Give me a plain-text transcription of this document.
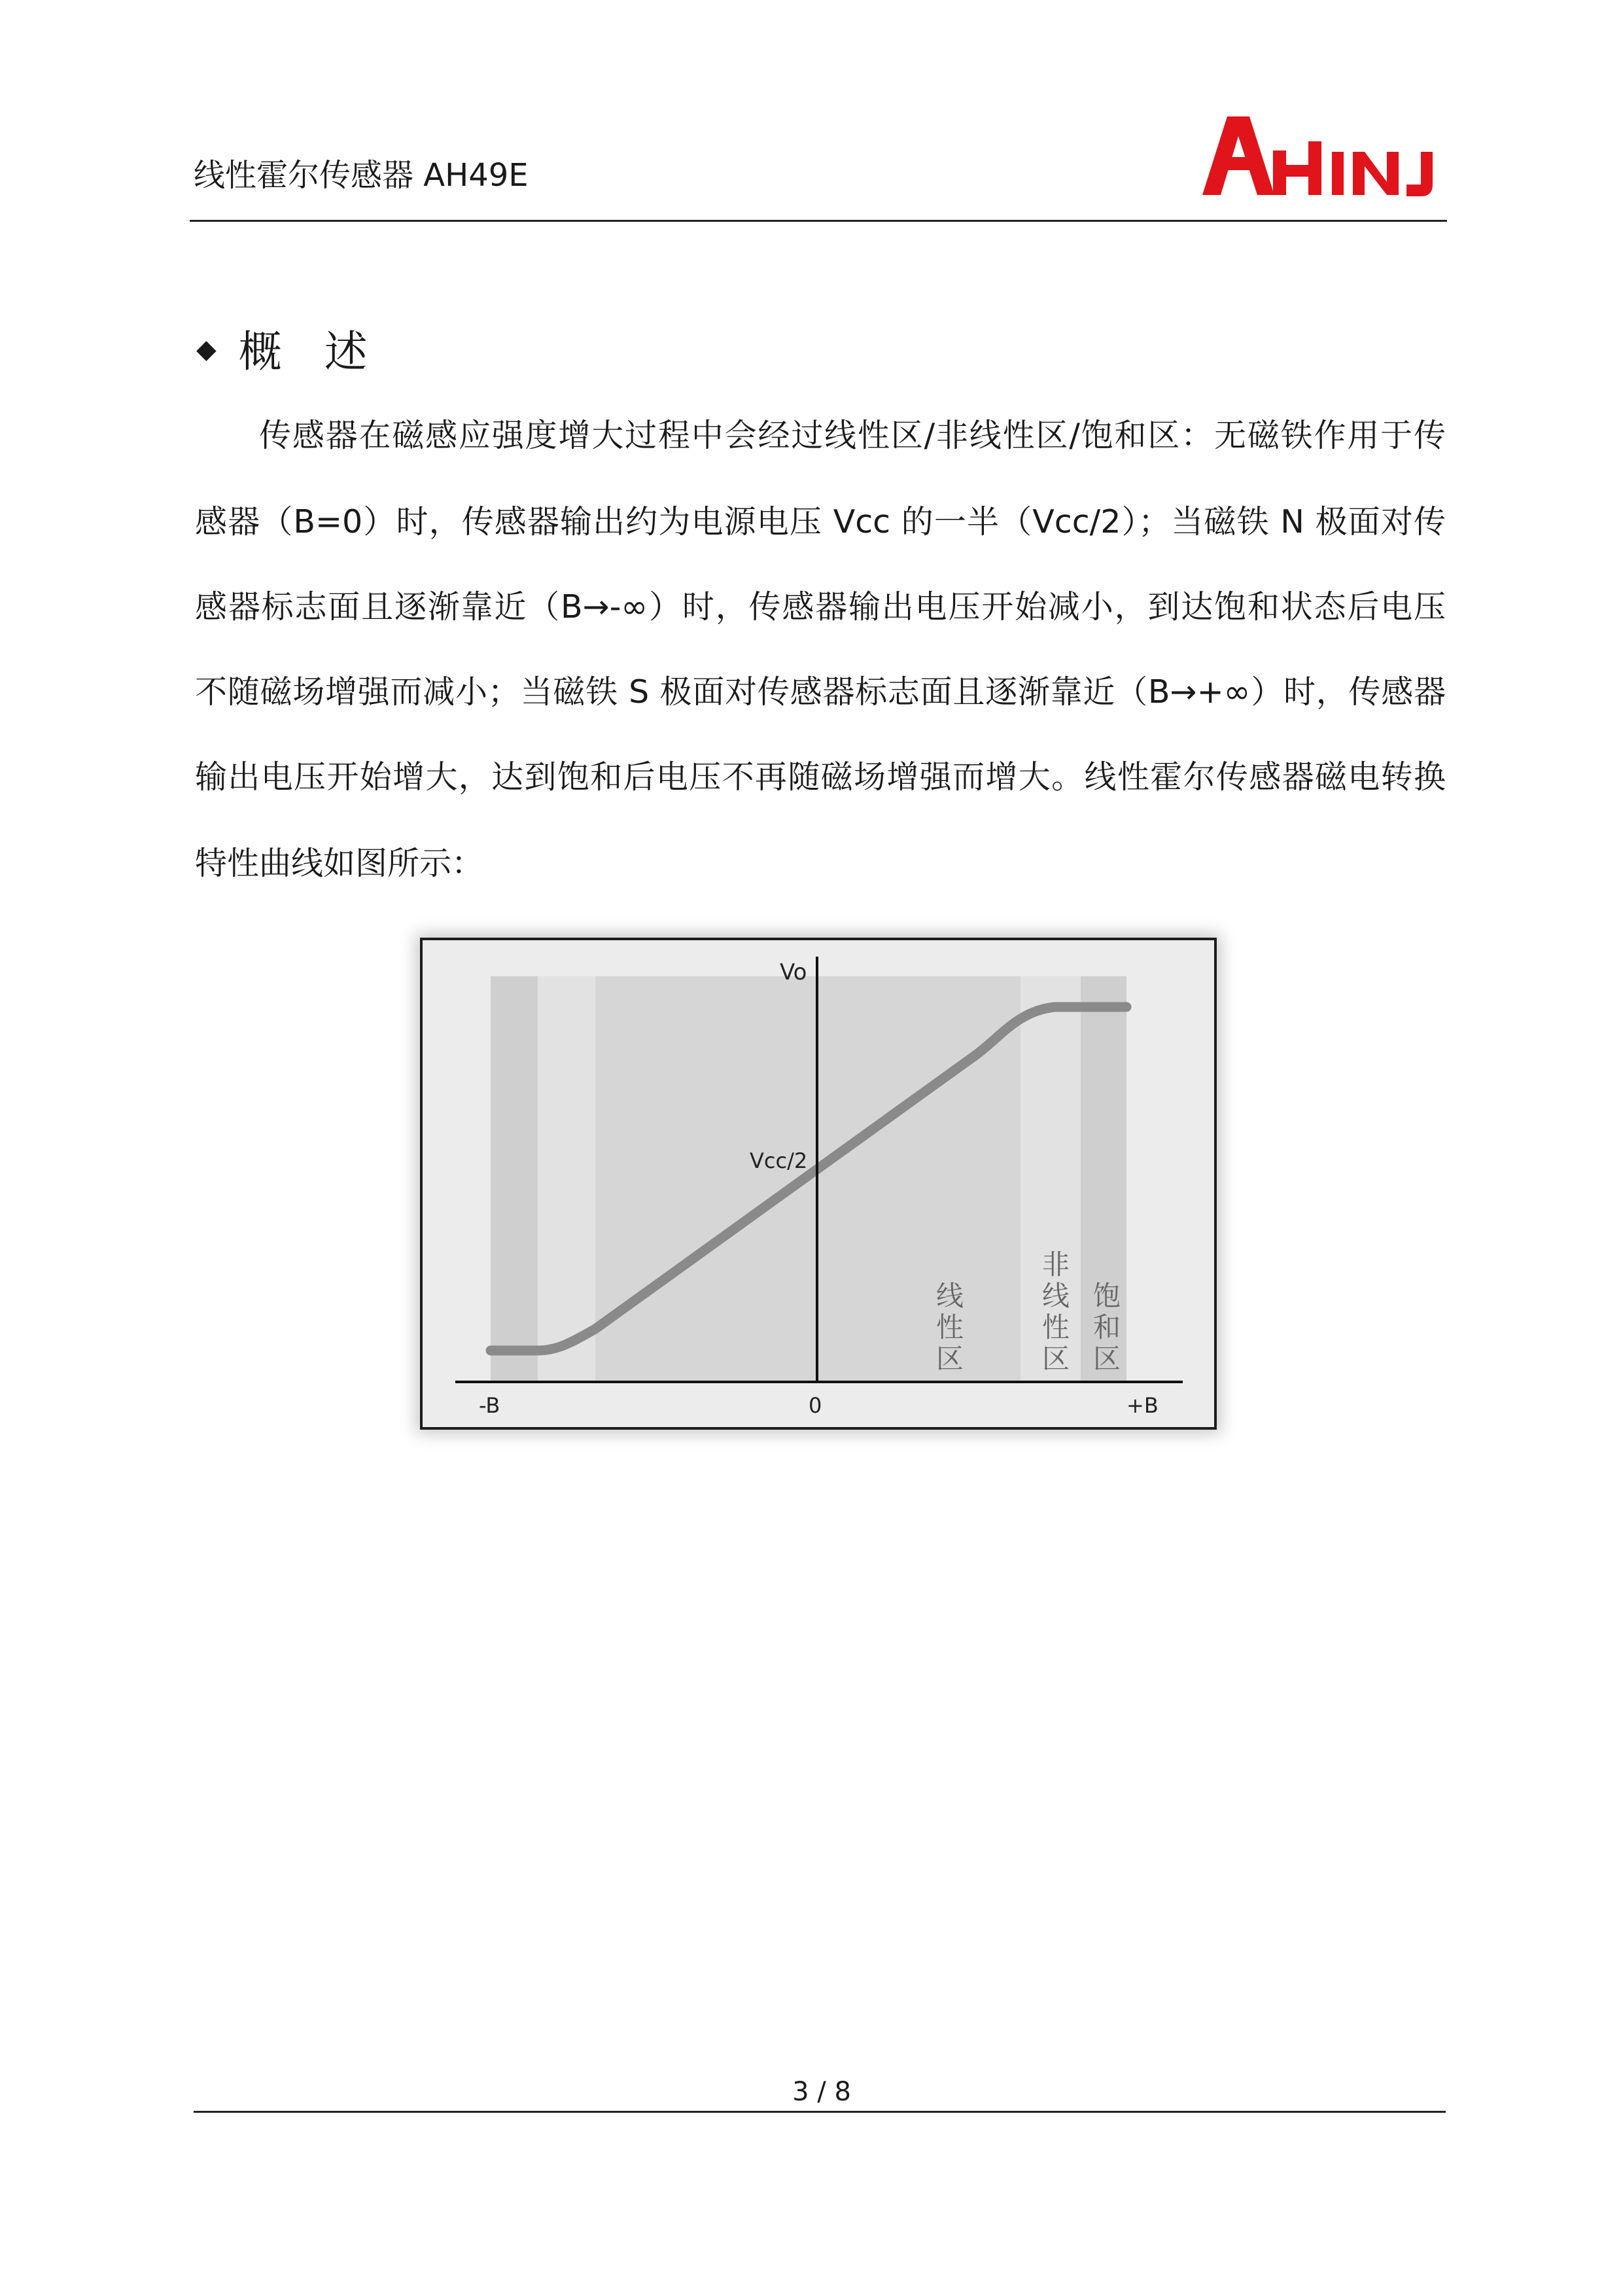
线性霍尔传感器 AH49E
◆ 概 述
传感器在磁感应强度增大过程中会经过线性区/非线性区/饱和区：无磁铁作用于传
感器（B=0）时，传感器输出约为电源电压 Vcc 的一半（Vcc/2）；当磁铁 N 极面对传
感器标志面且逐渐靠近（B→-∞）时，传感器输出电压开始减小，到达饱和状态后电压
不随磁场增强而减小；当磁铁 S 极面对传感器标志面且逐渐靠近（B→+∞）时，传感器
输出电压开始增大，达到饱和后电压不再随磁场增强而增大。线性霍尔传感器磁电转换
特性曲线如图所示：
Vo
Vcc/2
-B	0	+B
线
性
区
非
线
性
区
饱
和
区
3 / 8
